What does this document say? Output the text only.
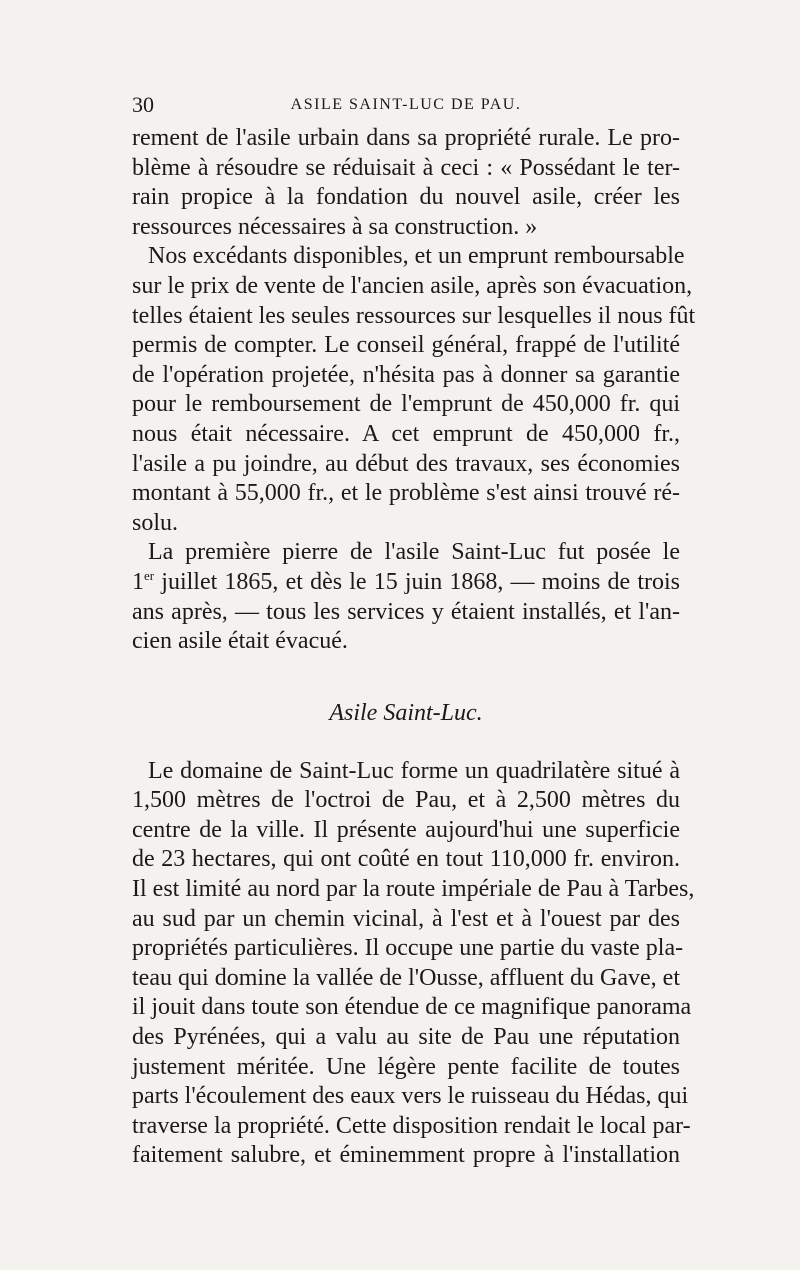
30	ASILE SAINT-LUC DE PAU.
rement de l'asile urbain dans sa propriété rurale. Le pro-
blème à résoudre se réduisait à ceci : « Possédant le ter-
rain propice à la fondation du nouvel asile, créer les
ressources nécessaires à sa construction. »
Nos excédants disponibles, et un emprunt remboursable
sur le prix de vente de l'ancien asile, après son évacuation,
telles étaient les seules ressources sur lesquelles il nous fût
permis de compter. Le conseil général, frappé de l'utilité
de l'opération projetée, n'hésita pas à donner sa garantie
pour le remboursement de l'emprunt de 450,000 fr. qui
nous était nécessaire. A cet emprunt de 450,000 fr.,
l'asile a pu joindre, au début des travaux, ses économies
montant à 55,000 fr., et le problème s'est ainsi trouvé ré-
solu.
La première pierre de l'asile Saint-Luc fut posée le
1er juillet 1865, et dès le 15 juin 1868, — moins de trois
ans après, — tous les services y étaient installés, et l'an-
cien asile était évacué.
Asile Saint-Luc.
Le domaine de Saint-Luc forme un quadrilatère situé à
1,500 mètres de l'octroi de Pau, et à 2,500 mètres du
centre de la ville. Il présente aujourd'hui une superficie
de 23 hectares, qui ont coûté en tout 110,000 fr. environ.
Il est limité au nord par la route impériale de Pau à Tarbes,
au sud par un chemin vicinal, à l'est et à l'ouest par des
propriétés particulières. Il occupe une partie du vaste pla-
teau qui domine la vallée de l'Ousse, affluent du Gave, et
il jouit dans toute son étendue de ce magnifique panorama
des Pyrénées, qui a valu au site de Pau une réputation
justement méritée. Une légère pente facilite de toutes
parts l'écoulement des eaux vers le ruisseau du Hédas, qui
traverse la propriété. Cette disposition rendait le local par-
faitement salubre, et éminemment propre à l'installation
